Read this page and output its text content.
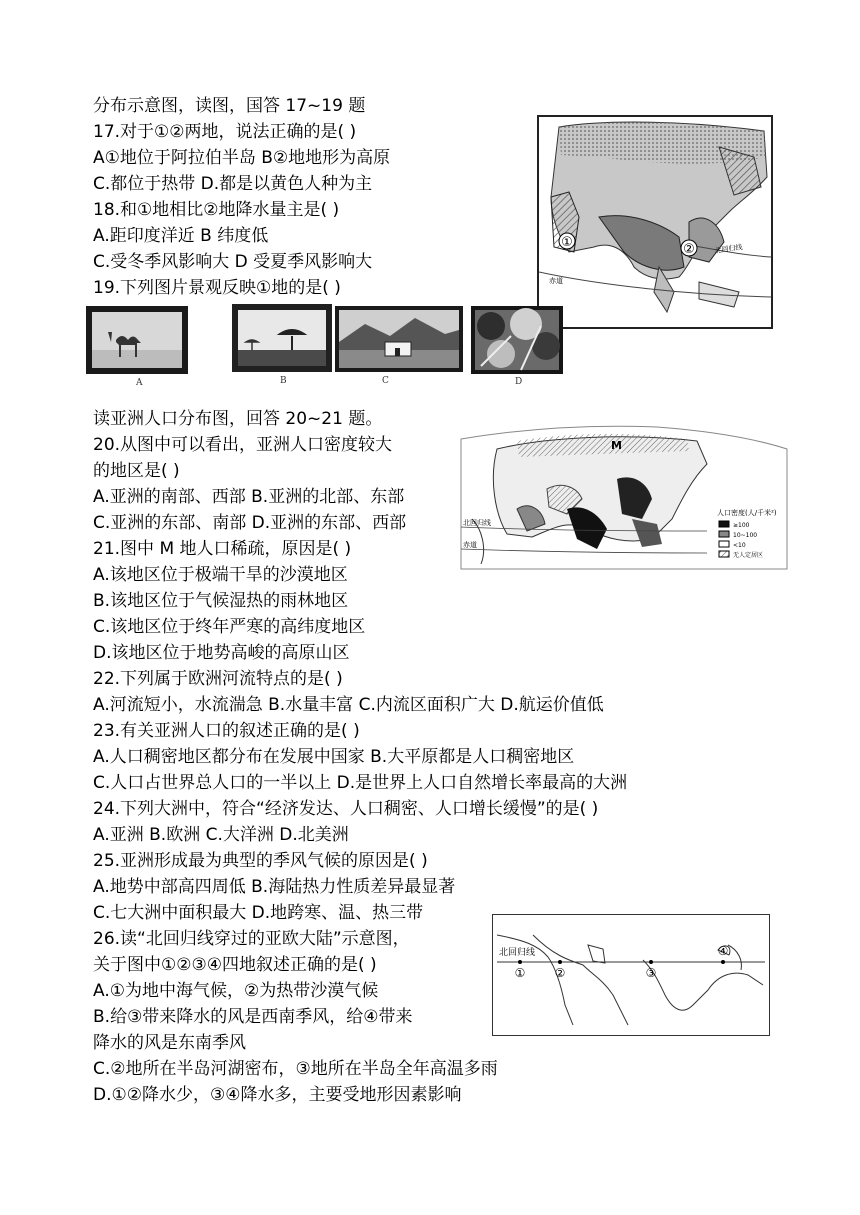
分布示意图，读图，国答 17~19 题
17.对于①②两地，说法正确的是( )
A①地位于阿拉伯半岛 B②地地形为高原
C.都位于热带 D.都是以黄色人种为主
18.和①地相比②地降水量主是( )
A.距印度洋近 B 纬度低
C.受冬季风影响大 D 受夏季风影响大
19.下列图片景观反映①地的是( )
读亚洲人口分布图，回答 20~21 题。
20.从图中可以看出，亚洲人口密度较大
的地区是( )
A.亚洲的南部、西部 B.亚洲的北部、东部
C.亚洲的东部、南部 D.亚洲的东部、西部
21.图中 M 地人口稀疏，原因是( )
A.该地区位于极端干旱的沙漠地区
B.该地区位于气候湿热的雨林地区
C.该地区位于终年严寒的高纬度地区
D.该地区位于地势高峻的高原山区
22.下列属于欧洲河流特点的是( )
A.河流短小，水流湍急 B.水量丰富 C.内流区面积广大 D.航运价值低
23.有关亚洲人口的叙述正确的是( )
A.人口稠密地区都分布在发展中国家 B.大平原都是人口稠密地区
C.人口占世界总人口的一半以上 D.是世界上人口自然增长率最高的大洲
24.下列大洲中，符合“经济发达、人口稠密、人口增长缓慢”的是( )
A.亚洲 B.欧洲 C.大洋洲 D.北美洲
25.亚洲形成最为典型的季风气候的原因是( )
A.地势中部高四周低 B.海陆热力性质差异最显著
C.七大洲中面积最大 D.地跨寒、温、热三带
26.读“北回归线穿过的亚欧大陆”示意图，
关于图中①②③④四地叙述正确的是( )
A.①为地中海气候，②为热带沙漠气候
B.给③带来降水的风是西南季风，给④带来
降水的风是东南季风
C.②地所在半岛河湖密布，③地所在半岛全年高温多雨
D.①②降水少，③④降水多，主要受地形因素影响
①	②	北回归线
赤道
A	B	C	D
M
北回归线
赤道
人口密度(人/千米²)
≥100
10~100
<10
无人定居区
北回归线
① ②	③
④
